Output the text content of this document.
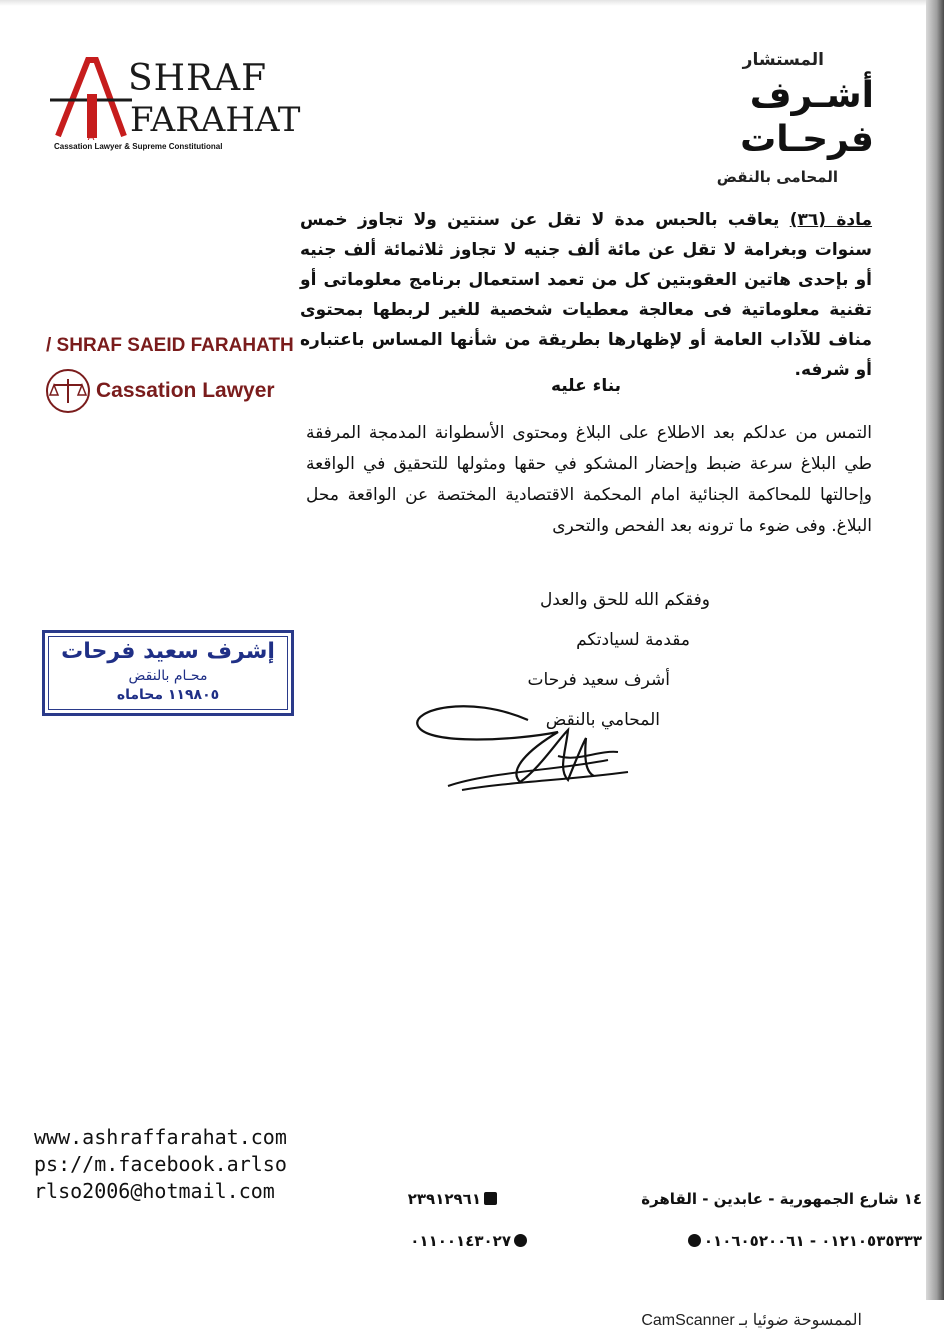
A
SHRAF
FARAHAT
Cassation Lawyer & Supreme Constitutional
المستشار
أشـرف فرحـات
المحامى بالنقض
/ SHRAF SAEID FARAHATH
Cassation Lawyer

مادة (٣٦) يعاقب بالحبس مدة لا تقل عن سنتين ولا تجاوز خمس سنوات وبغرامة لا تقل عن مائة ألف جنيه لا تجاوز ثلاثمائة ألف جنيه أو بإحدى هاتين العقوبتين كل من تعمد استعمال برنامج معلوماتى أو تقنية معلوماتية فى معالجة معطيات شخصية للغير لربطها بمحتوى مناف للآداب العامة أو لإظهارها بطريقة من شأنها المساس باعتباره أو شرفه.

بناء عليه
التمس من عدلكم بعد الاطلاع على البلاغ ومحتوى الأسطوانة المدمجة المرفقة طي البلاغ سرعة ضبط وإحضار المشكو في حقها ومثولها للتحقيق في الواقعة وإحالتها للمحاكمة الجنائية امام المحكمة الاقتصادية المختصة عن الواقعة محل البلاغ. وفى ضوء ما ترونه بعد الفحص والتحرى
وفقكم الله للحق والعدل
مقدمة لسيادتكم
أشرف سعيد فرحات
المحامي بالنقض
إشرف سعيد فرحات
محـام بالنقض
١١٩٨٠٥ محاماه
www.ashraffarahat.com
ps://m.facebook.arlso
rlso2006@hotmail.com	١٤ شارع الجمهورية - عابدين - القاهرة
٢٣٩١٢٩٦١
٠١٢١٠٥٣٥٣٣٣ - ٠١٠٦٠٥٢٠٠٦١
٠١١٠٠١٤٣٠٢٧
الممسوحة ضوئيا بـ CamScanner
